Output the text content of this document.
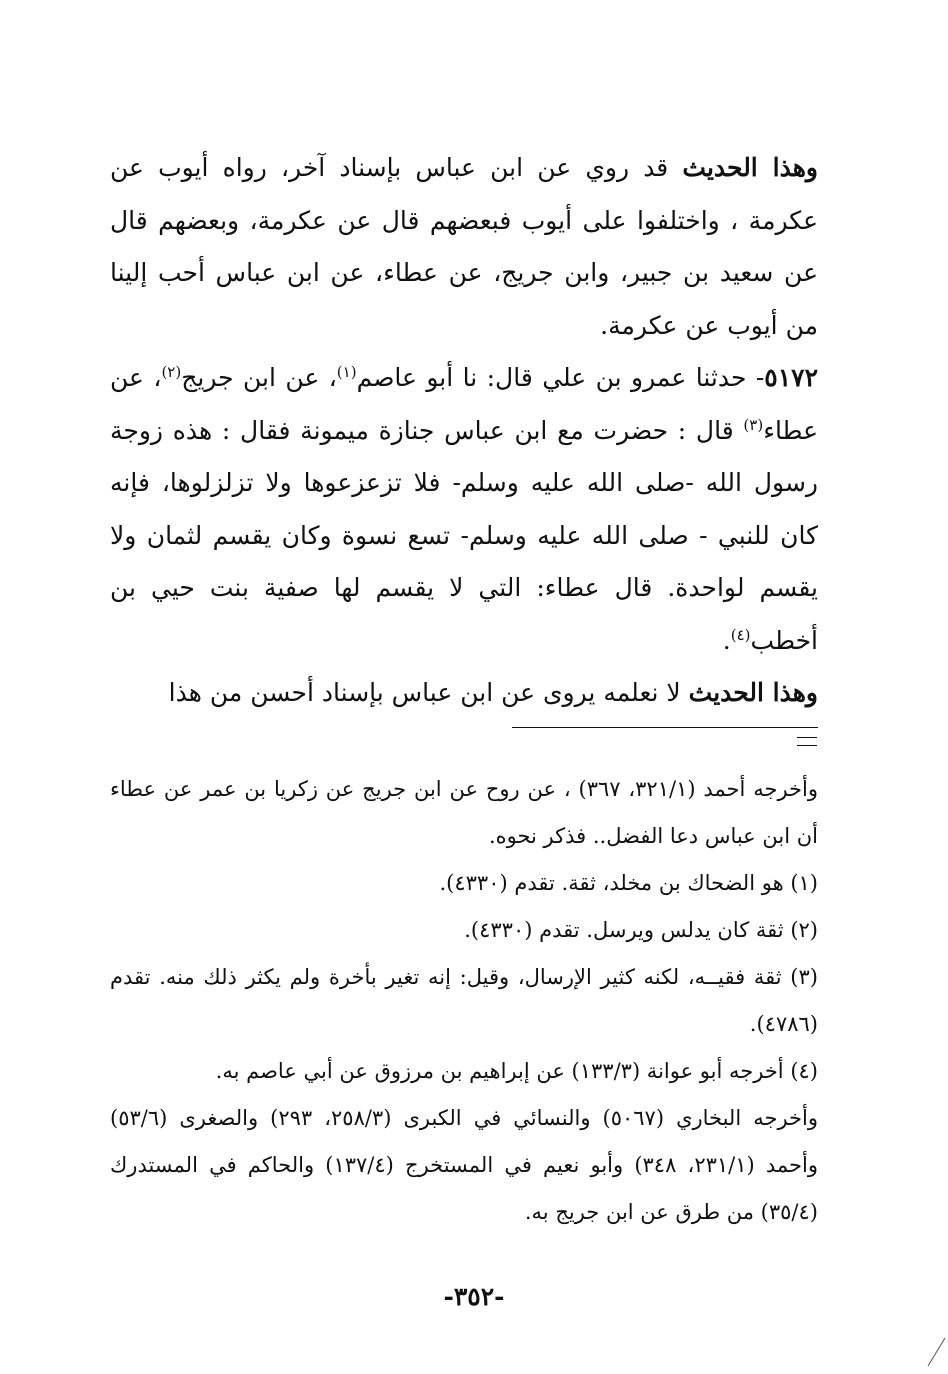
وهذا الحديث قد روي عن ابن عباس بإسناد آخر، رواه أيوب عن عكرمة ، واختلفوا على أيوب فبعضهم قال عن عكرمة، وبعضهم قال عن سعيد بن جبير، وابن جريج، عن عطاء، عن ابن عباس أحب إلينا من أيوب عن عكرمة.

٥١٧٢- حدثنا عمرو بن علي قال: نا أبو عاصم$^{(١)}$، عن ابن جريج$^{(٢)}$، عن عطاء$^{(٣)}$ قال : حضرت مع ابن عباس جنازة ميمونة فقال : هذه زوجة رسول الله -صلى الله عليه وسلم- فلا تزعزعوها ولا تزلزلوها، فإنه كان للنبي - صلى الله عليه وسلم- تسع نسوة وكان يقسم لثمان ولا يقسم لواحدة. قال عطاء: التي لا يقسم لها صفية بنت حيي بن أخطب$^{(٤)}$.

وهذا الحديث لا نعلمه يروى عن ابن عباس بإسناد أحسن من هذا

وأخرجه أحمد (٣٢١/١، ٣٦٧) ، عن روح عن ابن جريج عن زكريا بن عمر عن عطاء أن ابن عباس دعا الفضل.. فذكر نحوه.

(١) هو الضحاك بن مخلد، ثقة. تقدم (٤٣٣٠).

(٢) ثقة كان يدلس ويرسل. تقدم (٤٣٣٠).

(٣) ثقة فقيــه، لكنه كثير الإرسال، وقيل: إنه تغير بأخرة ولم يكثر ذلك منه. تقدم (٤٧٨٦).

(٤) أخرجه أبو عوانة (١٣٣/٣) عن إبراهيم بن مرزوق عن أبي عاصم به.

وأخرجه البخاري (٥٠٦٧) والنسائي في الكبرى (٢٥٨/٣، ٢٩٣) والصغرى (٥٣/٦) وأحمد (٢٣١/١، ٣٤٨) وأبو نعيم في المستخرج (١٣٧/٤) والحاكم في المستدرك (٣٥/٤) من طرق عن ابن جريج به.

-٣٥٢-
